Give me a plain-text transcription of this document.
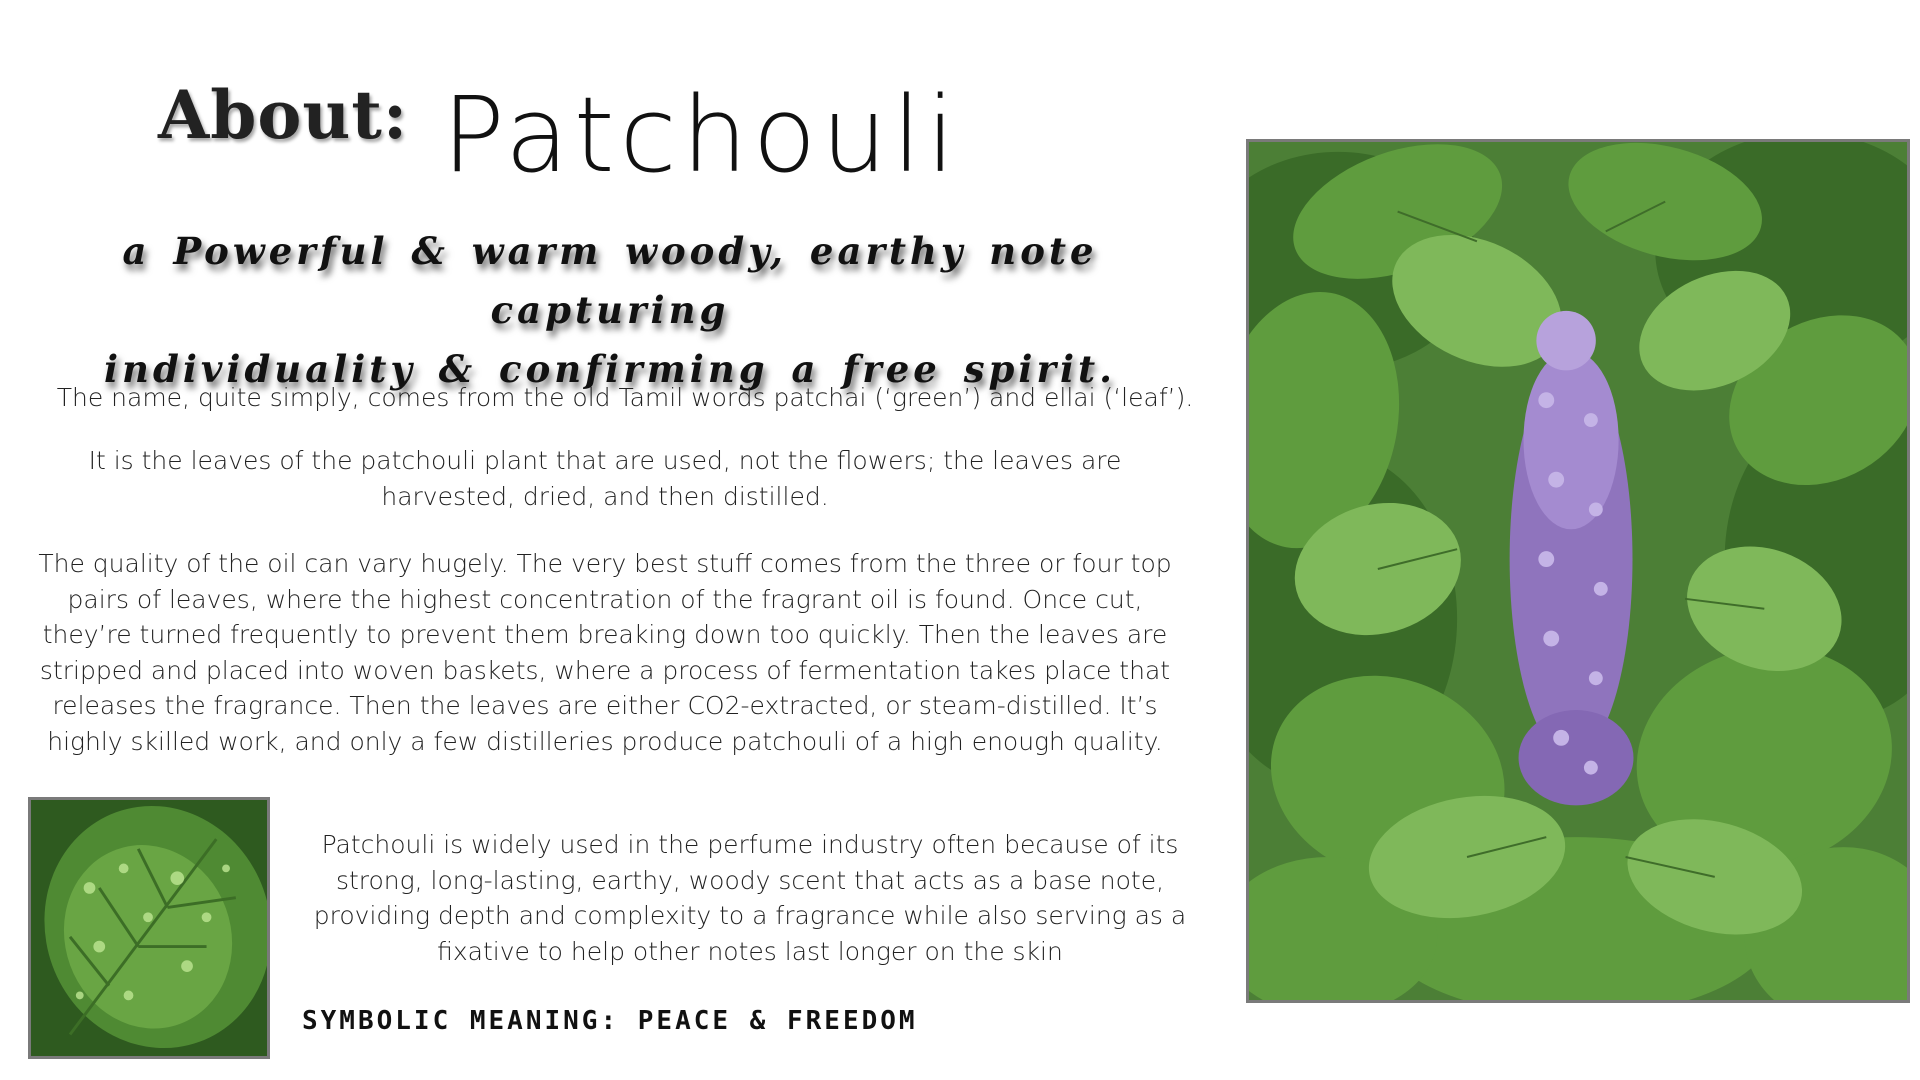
About: Patchouli
a Powerful & warm woody, earthy note capturing
individuality & confirming a free spirit.
The name, quite simply, comes from the old Tamil words patchai (‘green’) and ellai (‘leaf’).
It is the leaves of the patchouli plant that are used, not the flowers; the leaves are harvested, dried, and then distilled.
The quality of the oil can vary hugely. The very best stuff comes from the three or four top pairs of leaves, where the highest concentration of the fragrant oil is found. Once cut, they’re turned frequently to prevent them breaking down too quickly. Then the leaves are stripped and placed into woven baskets, where a process of fermentation takes place that releases the fragrance. Then the leaves are either CO2-extracted, or steam-distilled. It’s highly skilled work, and only a few distilleries produce patchouli of a high enough quality.
Patchouli is widely used in the perfume industry often because of its strong, long-lasting, earthy, woody scent that acts as a base note, providing depth and complexity to a fragrance while also serving as a fixative to help other notes last longer on the skin
SYMBOLIC MEANING: PEACE & FREEDOM
